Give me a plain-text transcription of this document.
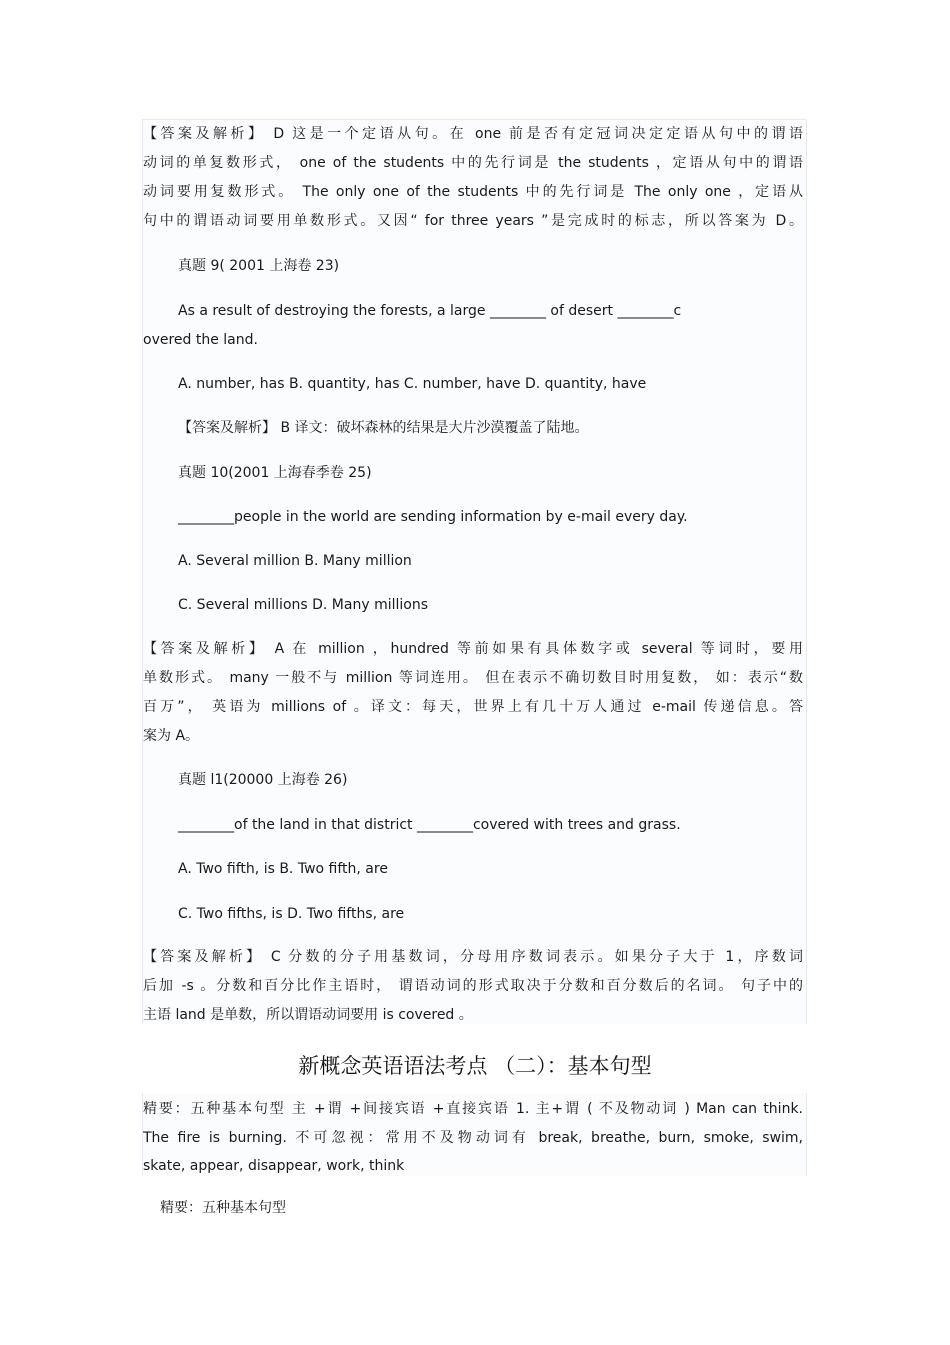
【答案及解析】 D 这是一个定语从句。在 one 前是否有定冠词决定定语从句中的谓语
动词的单复数形式， one of the students 中的先行词是 the students ，定语从句中的谓语
动词要用复数形式。 The only one of the students 中的先行词是 The only one ，定语从
句中的谓语动词要用单数形式。又因“ for three years ”是完成时的标志，所以答案为 D。
真题 9( 2001 上海卷 23)
As a result of destroying the forests, a large ________ of desert ________c
overed the land.
A. number, has B. quantity, has C. number, have D. quantity, have
【答案及解析】 B 译文：破坏森林的结果是大片沙漠覆盖了陆地。
真题 10(2001 上海春季卷 25)
________people in the world are sending information by e-mail every day.
A. Several million B. Many million
C. Several millions D. Many millions
【答案及解析】 A 在 million ，hundred 等前如果有具体数字或 several 等词时，要用
单数形式。 many 一般不与 million 等词连用。 但在表示不确切数目时用复数， 如：表示“数
百万”， 英语为 millions of 。译文：每天，世界上有几十万人通过 e-mail 传递信息。答
案为 A。
真题 l1(20000 上海卷 26)
________of the land in that district ________covered with trees and grass.
A. Two fifth, is B. Two fifth, are
C. Two fifths, is D. Two fifths, are
【答案及解析】 C 分数的分子用基数词，分母用序数词表示。如果分子大于 1，序数词
后加 -s 。分数和百分比作主语时， 谓语动词的形式取决于分数和百分数后的名词。 句子中的
主语 land 是单数，所以谓语动词要用 is covered 。
新概念英语语法考点 （二）：基本句型
精要：五种基本句型 主 +谓 +间接宾语 +直接宾语 1. 主+谓 ( 不及物动词 ) Man can think.
The fire is burning. 不可忽视：常用不及物动词有 break, breathe, burn, smoke, swim,
skate, appear, disappear, work, think
精要：五种基本句型
